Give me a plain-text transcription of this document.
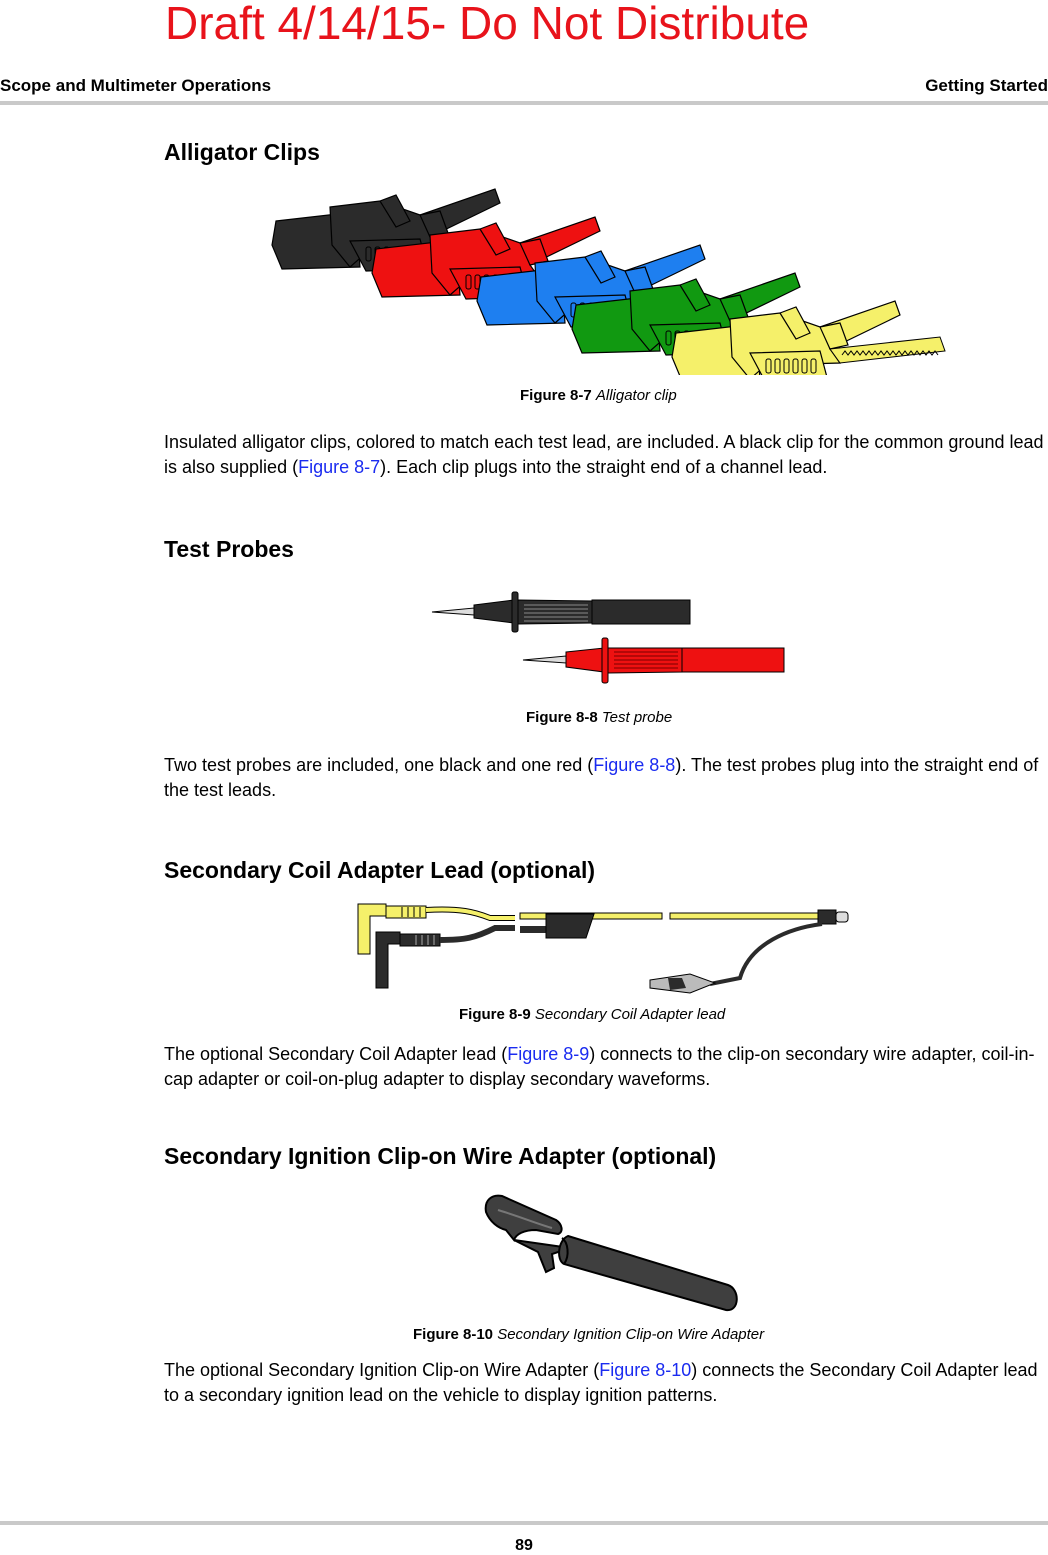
Draft 4/14/15- Do Not Distribute
Scope and Multimeter Operations	Getting Started
Alligator Clips
Figure 8-7 Alligator clip

Insulated alligator clips, colored to match each test lead, are included. A black clip for the common ground lead is also supplied (Figure 8-7). Each clip plugs into the straight end of a channel lead.

Test Probes
Figure 8-8 Test probe

Two test probes are included, one black and one red (Figure 8-8). The test probes plug into the straight end of the test leads.

Secondary Coil Adapter Lead (optional)
Figure 8-9 Secondary Coil Adapter lead

The optional Secondary Coil Adapter lead (Figure 8-9) connects to the clip-on secondary wire adapter, coil-in-cap adapter or coil-on-plug adapter to display secondary waveforms.

Secondary Ignition Clip-on Wire Adapter (optional)
Figure 8-10 Secondary Ignition Clip-on Wire Adapter

The optional Secondary Ignition Clip-on Wire Adapter (Figure 8-10) connects the Secondary Coil Adapter lead to a secondary ignition lead on the vehicle to display ignition patterns.

89
